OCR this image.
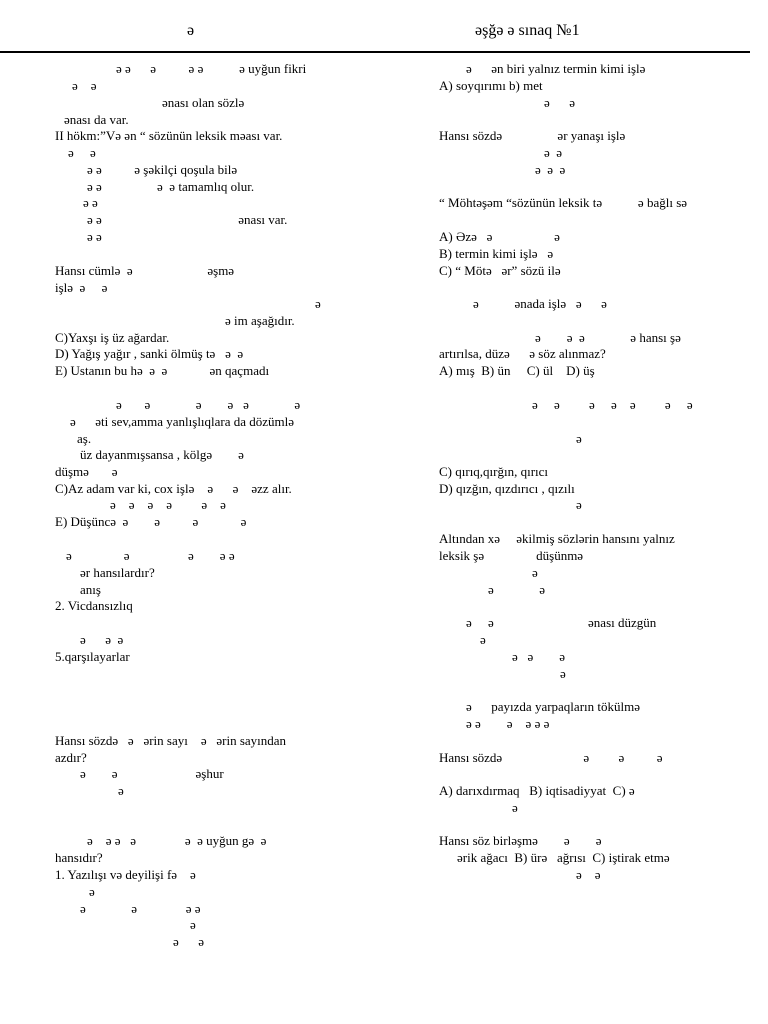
ə	əşğə ə sınaq №1
ə ə      ə          ə ə           ə uyğun fikri
ə    ə
ənası olan sözlə
ənası da var.
II hökm:”Və ən “ sözünün leksik məası var.
ə     ə
ə ə          ə şəkilçi qoşula bilə
ə ə                 ə  ə tamamlıq olur.
ə ə
ə ə                                          ənası var.
ə ə
Hansı cümlə  ə                       əşmə
işlə  ə     ə
ə
ə im aşağıdır.
C)Yaxşı iş üz ağardar.
D) Yağış yağır , sanki ölmüş tə   ə  ə
E) Ustanın bu hə  ə  ə             ən qaçmadı
ə       ə              ə        ə   ə              ə
ə      əti sev,amma yanlışlıqlara da dözümlə
aş.
üz dayanmışsansa , kölgə        ə
düşmə       ə
C)Az adam var ki, cox işlə    ə      ə    əzz alır.
ə    ə    ə    ə         ə    ə
E) Düşüncə  ə        ə          ə             ə
ə                ə                  ə        ə ə
ər hansılardır?
anış
2. Vicdansızlıq
ə      ə  ə
5.qarşılayarlar
Hansı sözdə   ə   ərin sayı    ə   ərin sayından
azdır?
ə        ə                        əşhur
ə
ə    ə ə   ə               ə  ə uyğun gə  ə
hansıdır?
1. Yazılışı və deyilişi fə    ə
ə
ə              ə               ə ə
ə
ə      ə
ə      ən biri yalnız termin kimi işlə
A) soyqırımı b) met
ə      ə
Hansı sözdə                 ər yanaşı işlə
ə  ə
ə  ə  ə
“ Möhtəşəm “sözünün leksik tə           ə bağlı sə
A) Əzə   ə                   ə
B) termin kimi işlə   ə
C) “ Mötə   ər” sözü ilə
ə           ənada işlə   ə      ə
ə        ə  ə              ə hansı şə
artırılsa, düzə      ə söz alınmaz?
A) mış  B) ün     C) ül    D) üş
ə     ə         ə     ə    ə         ə     ə
ə
C) qırıq,qırğın, qırıcı
D) qızğın, qızdırıcı , qızılı
ə
Altından xə     əkilmiş sözlərin hansını yalnız
leksik şə                düşünmə
ə
ə              ə
ə     ə                             ənası düzgün
ə
ə   ə        ə
ə
ə      payızda yarpaqların tökülmə
ə ə        ə    ə ə ə
Hansı sözdə                         ə         ə          ə
A) darıxdırmaq   B) iqtisadiyyat  C) ə
ə
Hansı söz birləşmə        ə        ə
ərik ağacı  B) ürə   ağrısı  C) iştirak etmə
ə    ə
